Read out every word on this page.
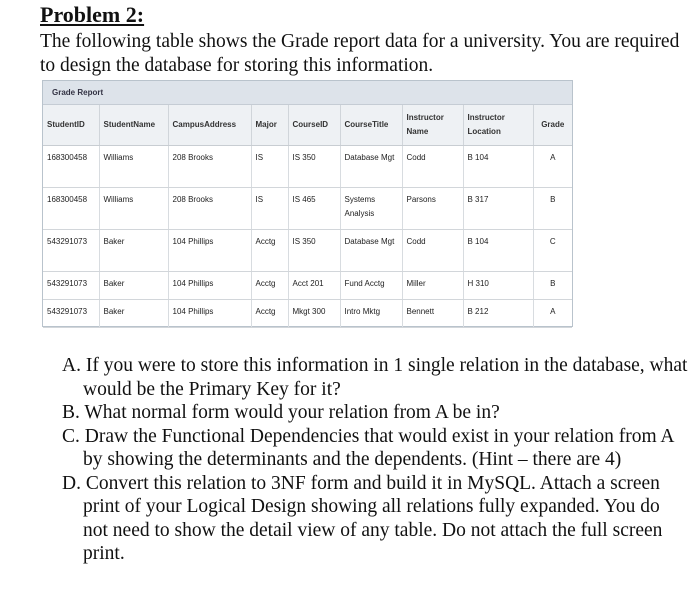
Problem 2:

The following table shows the Grade report data for a university. You are required to design the database for storing this information.

Grade Report
StudentID	StudentName	CampusAddress	Major	CourseID	CourseTitle	Instructor Name	Instructor Location	Grade
168300458	Williams	208 Brooks	IS	IS 350	Database Mgt	Codd	B 104	A
168300458	Williams	208 Brooks	IS	IS 465	Systems Analysis	Parsons	B 317	B
543291073	Baker	104 Phillips	Acctg	IS 350	Database Mgt	Codd	B 104	C
543291073	Baker	104 Phillips	Acctg	Acct 201	Fund Acctg	Miller	H 310	B
543291073	Baker	104 Phillips	Acctg	Mkgt 300	Intro Mktg	Bennett	B 212	A
A. If you were to store this information in 1 single relation in the database, what would be the Primary Key for it?
B. What normal form would your relation from A be in?
C. Draw the Functional Dependencies that would exist in your relation from A by showing the determinants and the dependents. (Hint – there are 4)
D. Convert this relation to 3NF form and build it in MySQL. Attach a screen print of your Logical Design showing all relations fully expanded. You do not need to show the detail view of any table. Do not attach the full screen print.
